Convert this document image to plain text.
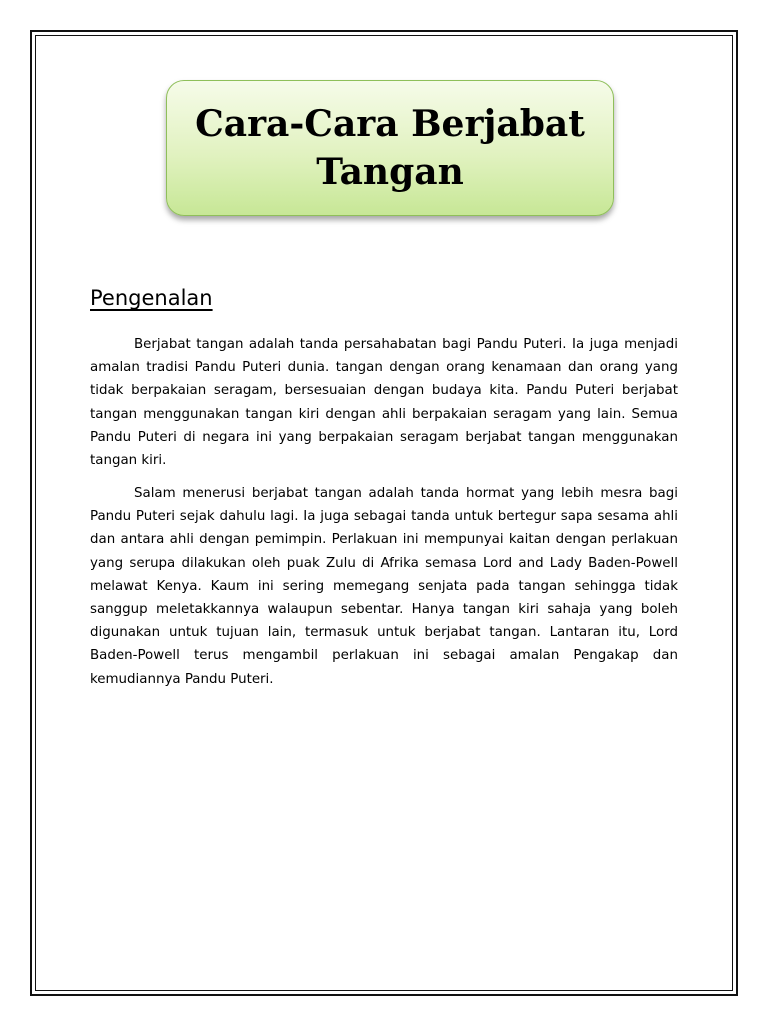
Cara-Cara Berjabat Tangan
Pengenalan

Berjabat tangan adalah tanda persahabatan bagi Pandu Puteri. Ia juga menjadi amalan tradisi Pandu Puteri dunia. tangan dengan orang kenamaan dan orang yang tidak berpakaian seragam, bersesuaian dengan budaya kita. Pandu Puteri berjabat tangan menggunakan tangan kiri dengan ahli berpakaian seragam yang lain. Semua Pandu Puteri di negara ini yang berpakaian seragam berjabat tangan menggunakan tangan kiri.

Salam menerusi berjabat tangan adalah tanda hormat yang lebih mesra bagi Pandu Puteri sejak dahulu lagi. Ia juga sebagai tanda untuk bertegur sapa sesama ahli dan antara ahli dengan pemimpin. Perlakuan ini mempunyai kaitan dengan perlakuan yang serupa dilakukan oleh puak Zulu di Afrika semasa Lord and Lady Baden-Powell melawat Kenya. Kaum ini sering memegang senjata pada tangan sehingga tidak sanggup meletakkannya walaupun sebentar. Hanya tangan kiri sahaja yang boleh digunakan untuk tujuan lain, termasuk untuk berjabat tangan. Lantaran itu, Lord Baden-Powell terus mengambil perlakuan ini sebagai amalan Pengakap dan kemudiannya Pandu Puteri.
